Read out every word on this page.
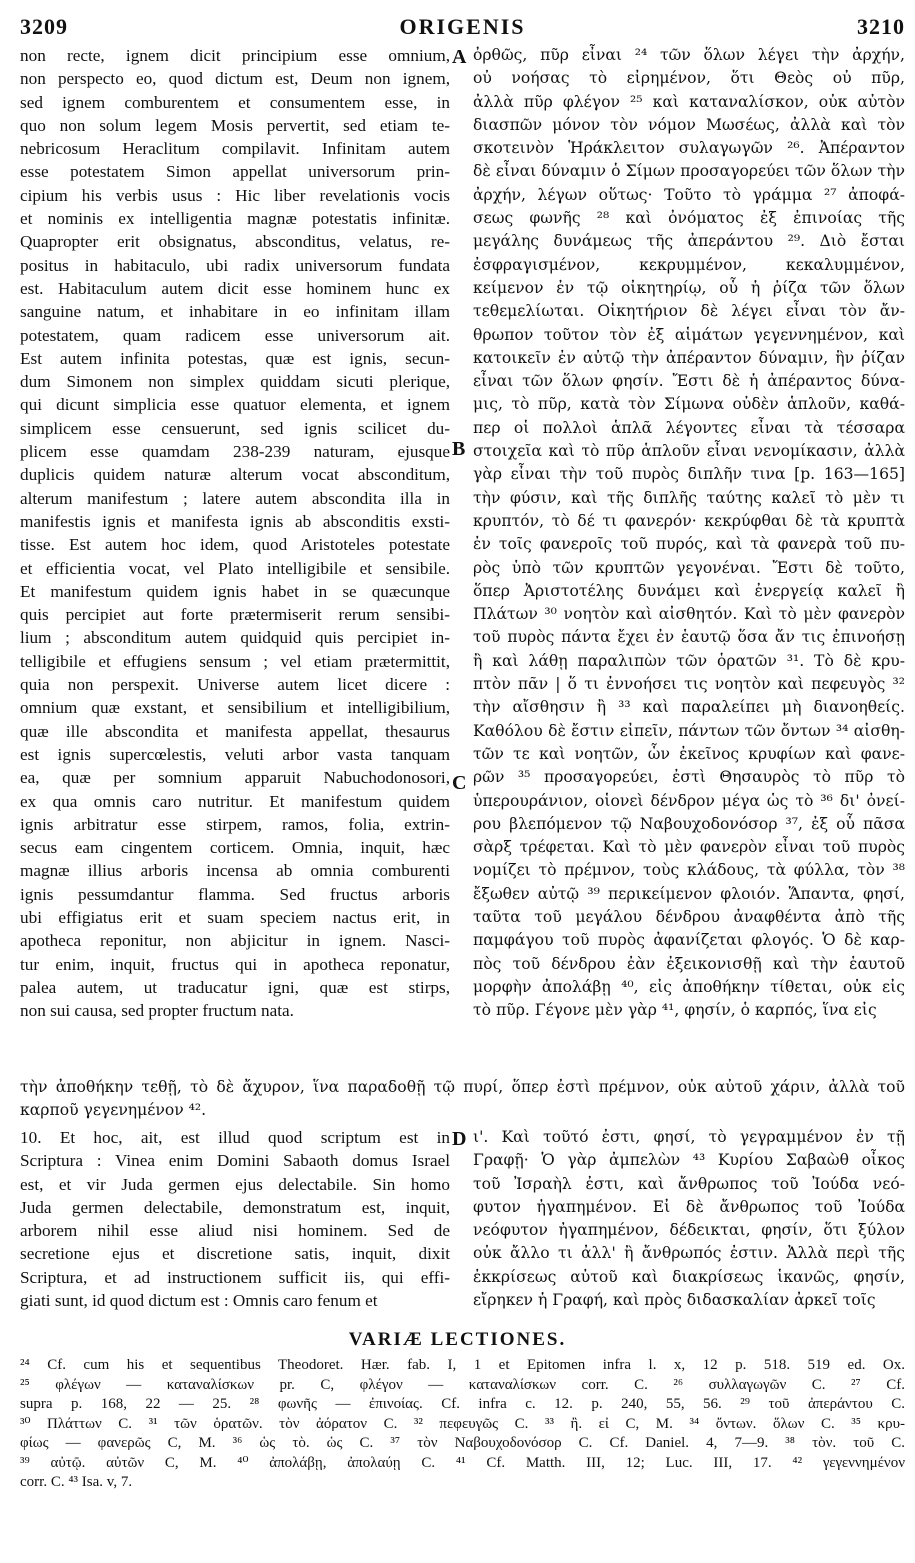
3209	ORIGENIS	3210
A
B
C
D
non recte, ignem dicit principium esse omnium,
non perspecto eo, quod dictum est, Deum non ignem,
sed ignem comburentem et consumentem esse, in
quo non solum legem Mosis pervertit, sed etiam te-
nebricosum Heraclitum compilavit. Infinitam autem
esse potestatem Simon appellat universorum prin-
cipium his verbis usus : Hic liber revelationis vocis
et nominis ex intelligentia magnæ potestatis infinitæ.
Quapropter erit obsignatus, absconditus, velatus, re-
positus in habitaculo, ubi radix universorum fundata
est. Habitaculum autem dicit esse hominem hunc ex
sanguine natum, et inhabitare in eo infinitam illam
potestatem, quam radicem esse universorum ait.
Est autem infinita potestas, quæ est ignis, secun-
dum Simonem non simplex quiddam sicuti plerique,
qui dicunt simplicia esse quatuor elementa, et ignem
simplicem esse censuerunt, sed ignis scilicet du-
plicem esse quamdam 238-239 naturam, ejusque
duplicis quidem naturæ alterum vocat absconditum,
alterum manifestum ; latere autem abscondita illa in
manifestis ignis et manifesta ignis ab absconditis exsti-
tisse. Est autem hoc idem, quod Aristoteles potestate
et efficientia vocat, vel Plato intelligibile et sensibile.
Et manifestum quidem ignis habet in se quæcunque
quis percipiet aut forte prætermiserit rerum sensibi-
lium ; absconditum autem quidquid quis percipiet in-
telligibile et effugiens sensum ; vel etiam prætermittit,
quia non perspexit. Universe autem licet dicere :
omnium quæ exstant, et sensibilium et intelligibilium,
quæ ille abscondita et manifesta appellat, thesaurus
est ignis supercœlestis, veluti arbor vasta tanquam
ea, quæ per somnium apparuit Nabuchodonosori,
ex qua omnis caro nutritur. Et manifestum quidem
ignis arbitratur esse stirpem, ramos, folia, extrin-
secus eam cingentem corticem. Omnia, inquit, hæc
magnæ illius arboris incensa ab omnia comburenti
ignis pessumdantur flamma. Sed fructus arboris
ubi effigiatus erit et suam speciem nactus erit, in
apotheca reponitur, non abjicitur in ignem. Nasci-
tur enim, inquit, fructus qui in apotheca reponatur,
palea autem, ut traducatur igni, quæ est stirps,
non sui causa, sed propter fructum nata.
ὀρθῶς, πῦρ εἶναι ²⁴ τῶν ὅλων λέγει τὴν ἀρχήν,
οὐ νοήσας τὸ εἰρημένον, ὅτι Θεὸς οὐ πῦρ,
ἀλλὰ πῦρ φλέγον ²⁵ καὶ καταναλίσκον, οὐκ αὐτὸν
διασπῶν μόνον τὸν νόμον Μωσέως, ἀλλὰ καὶ τὸν
σκοτεινὸν Ἡράκλειτον συλαγωγῶν ²⁶. Ἀπέραντον
δὲ εἶναι δύναμιν ὁ Σίμων προσαγορεύει τῶν ὅλων τὴν
ἀρχήν, λέγων οὕτως· Τοῦτο τὸ γράμμα ²⁷ ἀποφά-
σεως φωνῆς ²⁸ καὶ ὀνόματος ἐξ ἐπινοίας τῆς
μεγάλης δυνάμεως τῆς ἀπεράντου ²⁹. Διὸ ἔσται
ἐσφραγισμένον, κεκρυμμένον, κεκαλυμμένον,
κείμενον ἐν τῷ οἰκητηρίῳ, οὗ ἡ ῥίζα τῶν ὅλων
τεθεμελίωται. Οἰκητήριον δὲ λέγει εἶναι τὸν ἄν-
θρωπον τοῦτον τὸν ἐξ αἱμάτων γεγεννημένον, καὶ
κατοικεῖν ἐν αὐτῷ τὴν ἀπέραντον δύναμιν, ἣν ῥίζαν
εἶναι τῶν ὅλων φησίν. Ἔστι δὲ ἡ ἀπέραντος δύνα-
μις, τὸ πῦρ, κατὰ τὸν Σίμωνα οὐδὲν ἁπλοῦν, καθά-
περ οἱ πολλοὶ ἁπλᾶ λέγοντες εἶναι τὰ τέσσαρα
στοιχεῖα καὶ τὸ πῦρ ἁπλοῦν εἶναι νενομίκασιν, ἀλλὰ
γὰρ εἶναι τὴν τοῦ πυρὸς διπλῆν τινα [p. 163—165]
τὴν φύσιν, καὶ τῆς διπλῆς ταύτης καλεῖ τὸ μὲν τι
κρυπτόν, τὸ δέ τι φανερόν· κεκρύφθαι δὲ τὰ κρυπτὰ
ἐν τοῖς φανεροῖς τοῦ πυρός, καὶ τὰ φανερὰ τοῦ πυ-
ρὸς ὑπὸ τῶν κρυπτῶν γεγονέναι. Ἔστι δὲ τοῦτο,
ὅπερ Ἀριστοτέλης δυνάμει καὶ ἐνεργείᾳ καλεῖ ἢ
Πλάτων ³⁰ νοητὸν καὶ αἰσθητόν. Καὶ τὸ μὲν φανερὸν
τοῦ πυρὸς πάντα ἔχει ἐν ἑαυτῷ ὅσα ἄν τις ἐπινοήσῃ
ἢ καὶ λάθῃ παραλιπὼν τῶν ὁρατῶν ³¹. Τὸ δὲ κρυ-
πτὸν πᾶν | ὅ τι ἐννοήσει τις νοητὸν καὶ πεφευγὸς ³²
τὴν αἴσθησιν ἢ ³³ καὶ παραλείπει μὴ διανοηθείς.
Καθόλου δὲ ἔστιν εἰπεῖν, πάντων τῶν ὄντων ³⁴ αἰσθη-
τῶν τε καὶ νοητῶν, ὧν ἐκεῖνος κρυφίων καὶ φανε-
ρῶν ³⁵ προσαγορεύει, ἐστὶ Θησαυρὸς τὸ πῦρ τὸ
ὑπερουράνιον, οἱονεὶ δένδρον μέγα ὡς τὸ ³⁶ δι' ὀνεί-
ρου βλεπόμενον τῷ Ναβουχοδονόσορ ³⁷, ἐξ οὗ πᾶσα
σὰρξ τρέφεται. Καὶ τὸ μὲν φανερὸν εἶναι τοῦ πυρὸς
νομίζει τὸ πρέμνον, τοὺς κλάδους, τὰ φύλλα, τὸν ³⁸
ἔξωθεν αὐτῷ ³⁹ περικείμενον φλοιόν. Ἅπαντα, φησί,
ταῦτα τοῦ μεγάλου δένδρου ἀναφθέντα ἀπὸ τῆς
παμφάγου τοῦ πυρὸς ἀφανίζεται φλογός. Ὁ δὲ καρ-
πὸς τοῦ δένδρου ἐὰν ἐξεικονισθῇ καὶ τὴν ἑαυτοῦ
μορφὴν ἀπολάβῃ ⁴⁰, εἰς ἀποθήκην τίθεται, οὐκ εἰς
τὸ πῦρ. Γέγονε μὲν γὰρ ⁴¹, φησίν, ὁ καρπός, ἵνα εἰς
τὴν ἀποθήκην τεθῇ, τὸ δὲ ἄχυρον, ἵνα παραδοθῇ τῷ πυρί, ὅπερ ἐστὶ πρέμνον, οὐκ αὐτοῦ χάριν, ἀλλὰ τοῦ
καρποῦ γεγενημένον ⁴².
10. Et hoc, ait, est illud quod scriptum est in
Scriptura : Vinea enim Domini Sabaoth domus Israel
est, et vir Juda germen ejus delectabile. Sin homo
Juda germen delectabile, demonstratum est, inquit,
arborem nihil esse aliud nisi hominem. Sed de
secretione ejus et discretione satis, inquit, dixit
Scriptura, et ad instructionem sufficit iis, qui effi-
giati sunt, id quod dictum est : Omnis caro fenum et
ι'. Καὶ τοῦτό ἐστι, φησί, τὸ γεγραμμένον ἐν τῇ
Γραφῇ· Ὁ γὰρ ἀμπελὼν ⁴³ Κυρίου Σαβαὼθ οἶκος
τοῦ Ἰσραὴλ ἐστι, καὶ ἄνθρωπος τοῦ Ἰούδα νεό-
φυτον ἠγαπημένον. Εἰ δὲ ἄνθρωπος τοῦ Ἰούδα
νεόφυτον ἠγαπημένον, δέδεικται, φησίν, ὅτι ξύλον
οὐκ ἄλλο τι ἀλλ' ἢ ἄνθρωπός ἐστιν. Ἀλλὰ περὶ τῆς
ἐκκρίσεως αὐτοῦ καὶ διακρίσεως ἱκανῶς, φησίν,
εἴρηκεν ἡ Γραφή, καὶ πρὸς διδασκαλίαν ἀρκεῖ τοῖς
VARIÆ LECTIONES.
²⁴ Cf. cum his et sequentibus Theodoret. Hær. fab. I, 1 et Epitomen infra l. x, 12 p. 518. 519 ed. Ox.
²⁵ φλέγων — καταναλίσκων pr. C, φλέγον — καταναλίσκων corr. C. ²⁶ συλλαγωγῶν C. ²⁷ Cf.
supra p. 168, 22 — 25. ²⁸ φωνῆς — ἐπινοίας. Cf. infra c. 12. p. 240, 55, 56. ²⁹ τοῦ ἀπεράντου C.
³⁰ Πλάττων C. ³¹ τῶν ὁρατῶν. τὸν ἀόρατον C. ³² πεφευγῶς C. ³³ ἢ. εἰ C, M. ³⁴ ὄντων. ὅλων C. ³⁵ κρυ-
φίως — φανερῶς C, M. ³⁶ ὡς τὸ. ὡς C. ³⁷ τὸν Ναβουχοδονόσορ C. Cf. Daniel. 4, 7—9. ³⁸ τὸν. τοῦ C.
³⁹ αὐτῷ. αὐτῶν C, M. ⁴⁰ ἀπολάβῃ, ἀπολαύῃ C. ⁴¹ Cf. Matth. III, 12; Luc. III, 17. ⁴² γεγεννημένον
corr. C. ⁴³ Isa. v, 7.
